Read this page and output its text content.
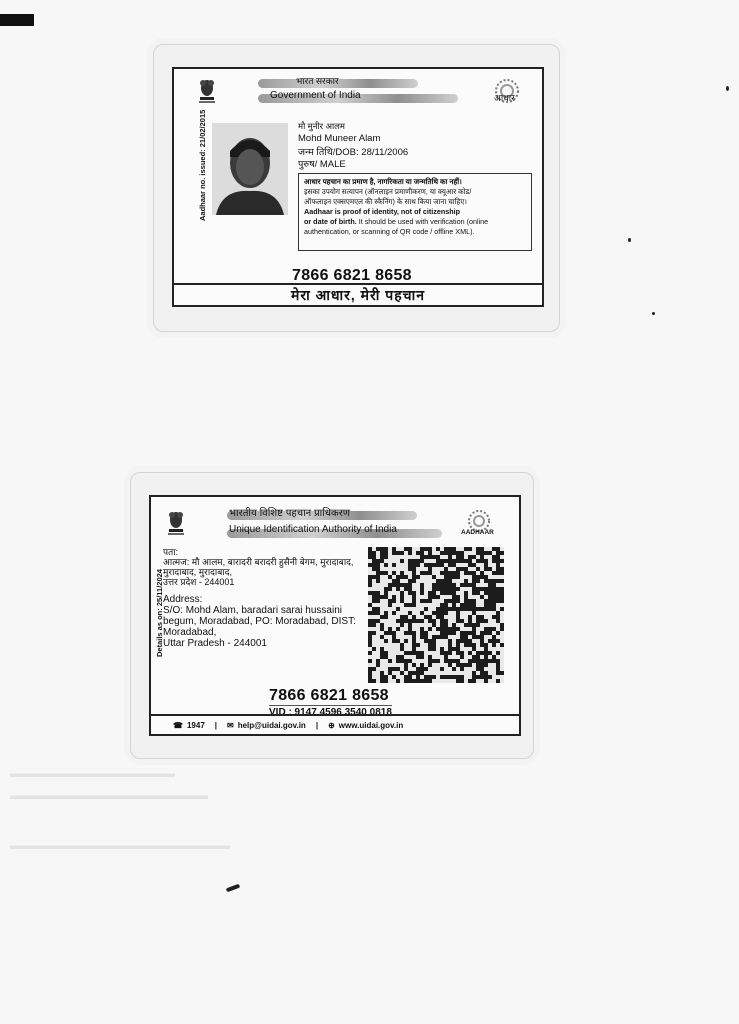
भारत सरकार
Government of India	आधार
Aadhaar no. issued: 21/02/2015	मौ मुनीर आलम
Mohd Muneer Alam
जन्म तिथि/DOB: 28/11/2006
पुरुष/ MALE
आधार पहचान का प्रमाण है, नागरिकता या जन्मतिथि का नहीं।
इसका उपयोग सत्यापन (ऑनलाइन प्रमाणीकरण, या क्यूआर कोड/
ऑफलाइन एक्सएमएल की स्कैनिंग) के साथ किया जाना चाहिए।
Aadhaar is proof of identity, not of citizenship
or date of birth. It should be used with verification (online
authentication, or scanning of QR code / offline XML).
7866 6821 8658
मेरा आधार, मेरी पहचान
भारतीय विशिष्ट पहचान प्राधिकरण
Unique Identification Authority of India	AADHAAR
Details as on: 25/11/2024
पता:
आत्मज: मौ आलम, बारादरी बरादरी हुसैनी बेगम, मुरादाबाद,
मुरादाबाद, मुरादाबाद,
उत्तर प्रदेश - 244001
Address:
S/O: Mohd Alam, baradari sarai hussaini
begum, Moradabad, PO: Moradabad, DIST:
Moradabad,
Uttar Pradesh - 244001
7866 6821 8658
VID : 9147 4596 3540 0818
☎ 1947 | ✉ help@uidai.gov.in | ⊕ www.uidai.gov.in
▬▬▬▬▬▬▬▬▬▬▬▬▬▬▬
▬▬▬▬▬▬▬▬▬▬▬▬▬▬▬▬▬▬
▬▬▬▬▬▬▬▬▬▬▬▬▬▬▬▬▬▬▬▬
